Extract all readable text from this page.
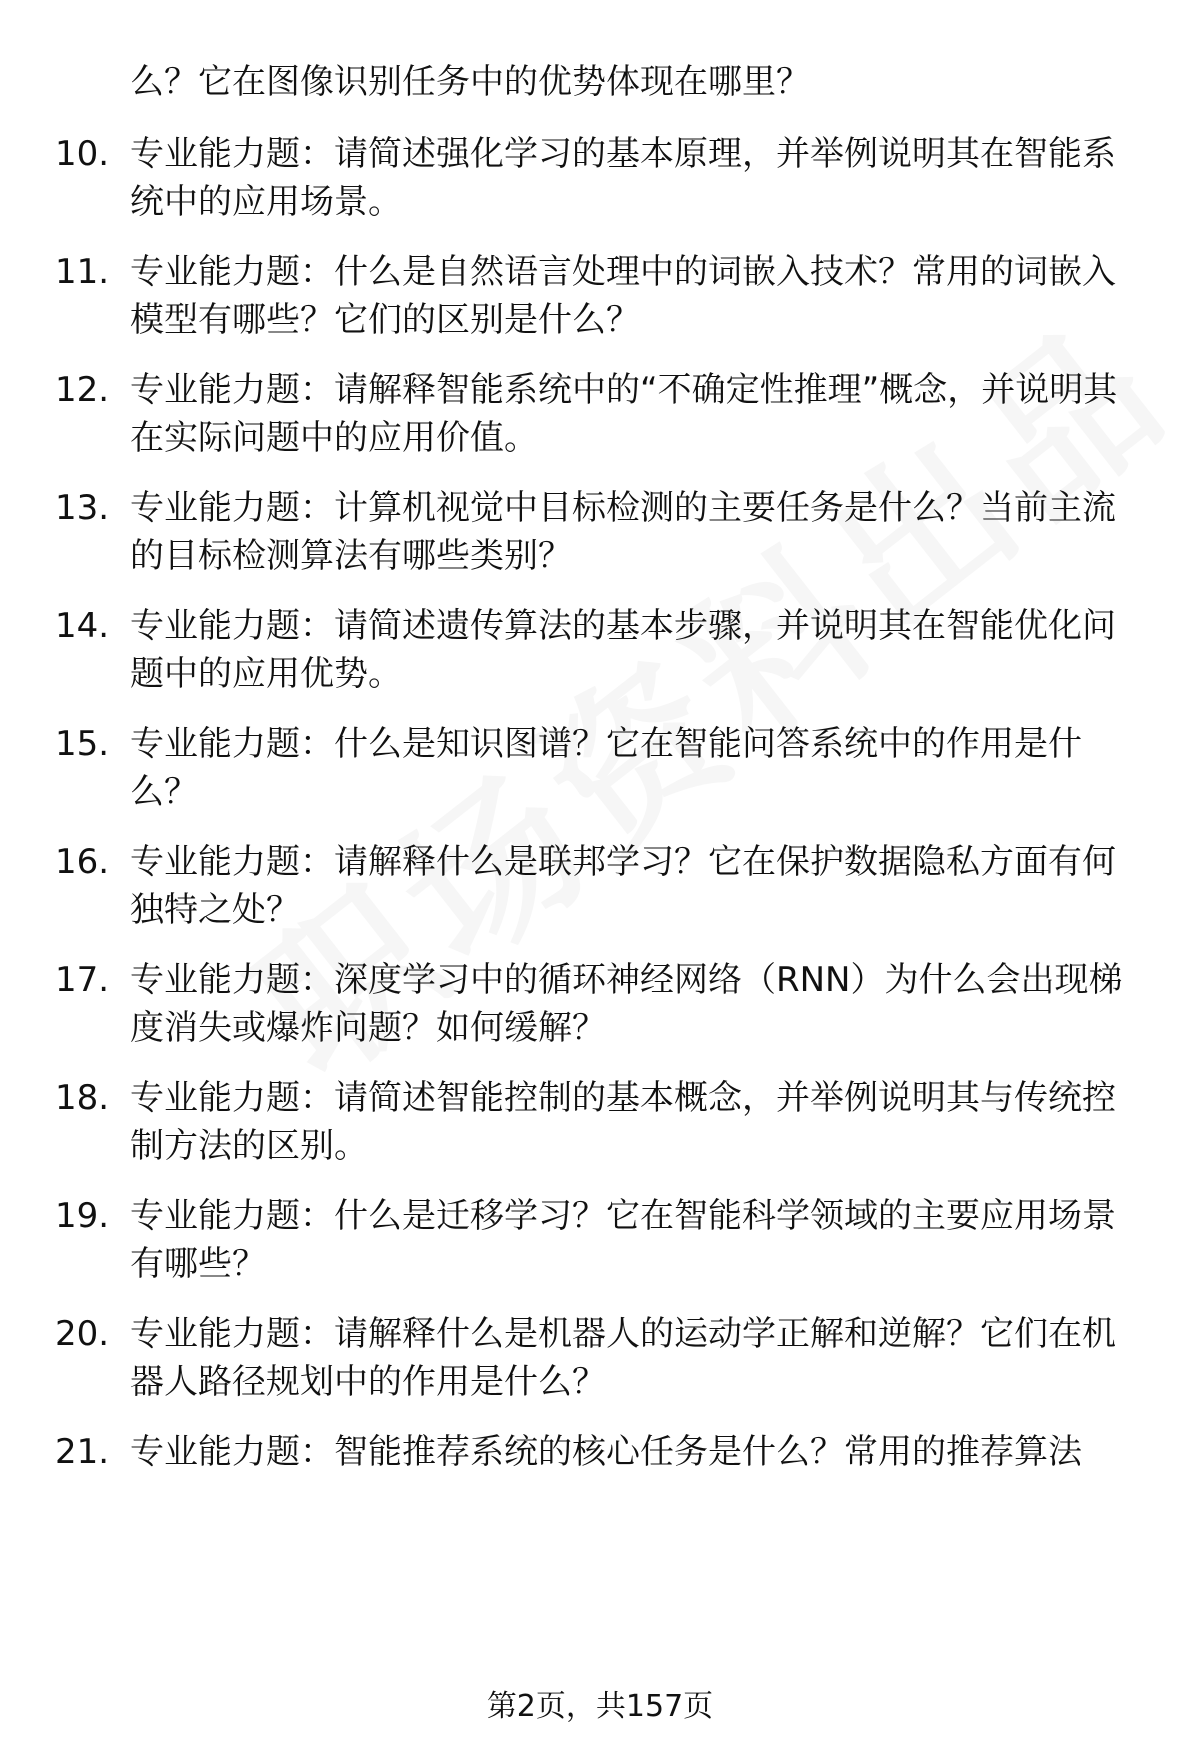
么？它在图像识别任务中的优势体现在哪里？
10. 专业能力题：请简述强化学习的基本原理，并举例说明其在智能系统中的应用场景。
11. 专业能力题：什么是自然语言处理中的词嵌入技术？常用的词嵌入模型有哪些？它们的区别是什么？
12. 专业能力题：请解释智能系统中的“不确定性推理”概念，并说明其在实际问题中的应用价值。
13. 专业能力题：计算机视觉中目标检测的主要任务是什么？当前主流的目标检测算法有哪些类别？
14. 专业能力题：请简述遗传算法的基本步骤，并说明其在智能优化问题中的应用优势。
15. 专业能力题：什么是知识图谱？它在智能问答系统中的作用是什么？
16. 专业能力题：请解释什么是联邦学习？它在保护数据隐私方面有何独特之处？
17. 专业能力题：深度学习中的循环神经网络（RNN）为什么会出现梯度消失或爆炸问题？如何缓解？
18. 专业能力题：请简述智能控制的基本概念，并举例说明其与传统控制方法的区别。
19. 专业能力题：什么是迁移学习？它在智能科学领域的主要应用场景有哪些？
20. 专业能力题：请解释什么是机器人的运动学正解和逆解？它们在机器人路径规划中的作用是什么？
21. 专业能力题：智能推荐系统的核心任务是什么？常用的推荐算法
第2页，共157页
